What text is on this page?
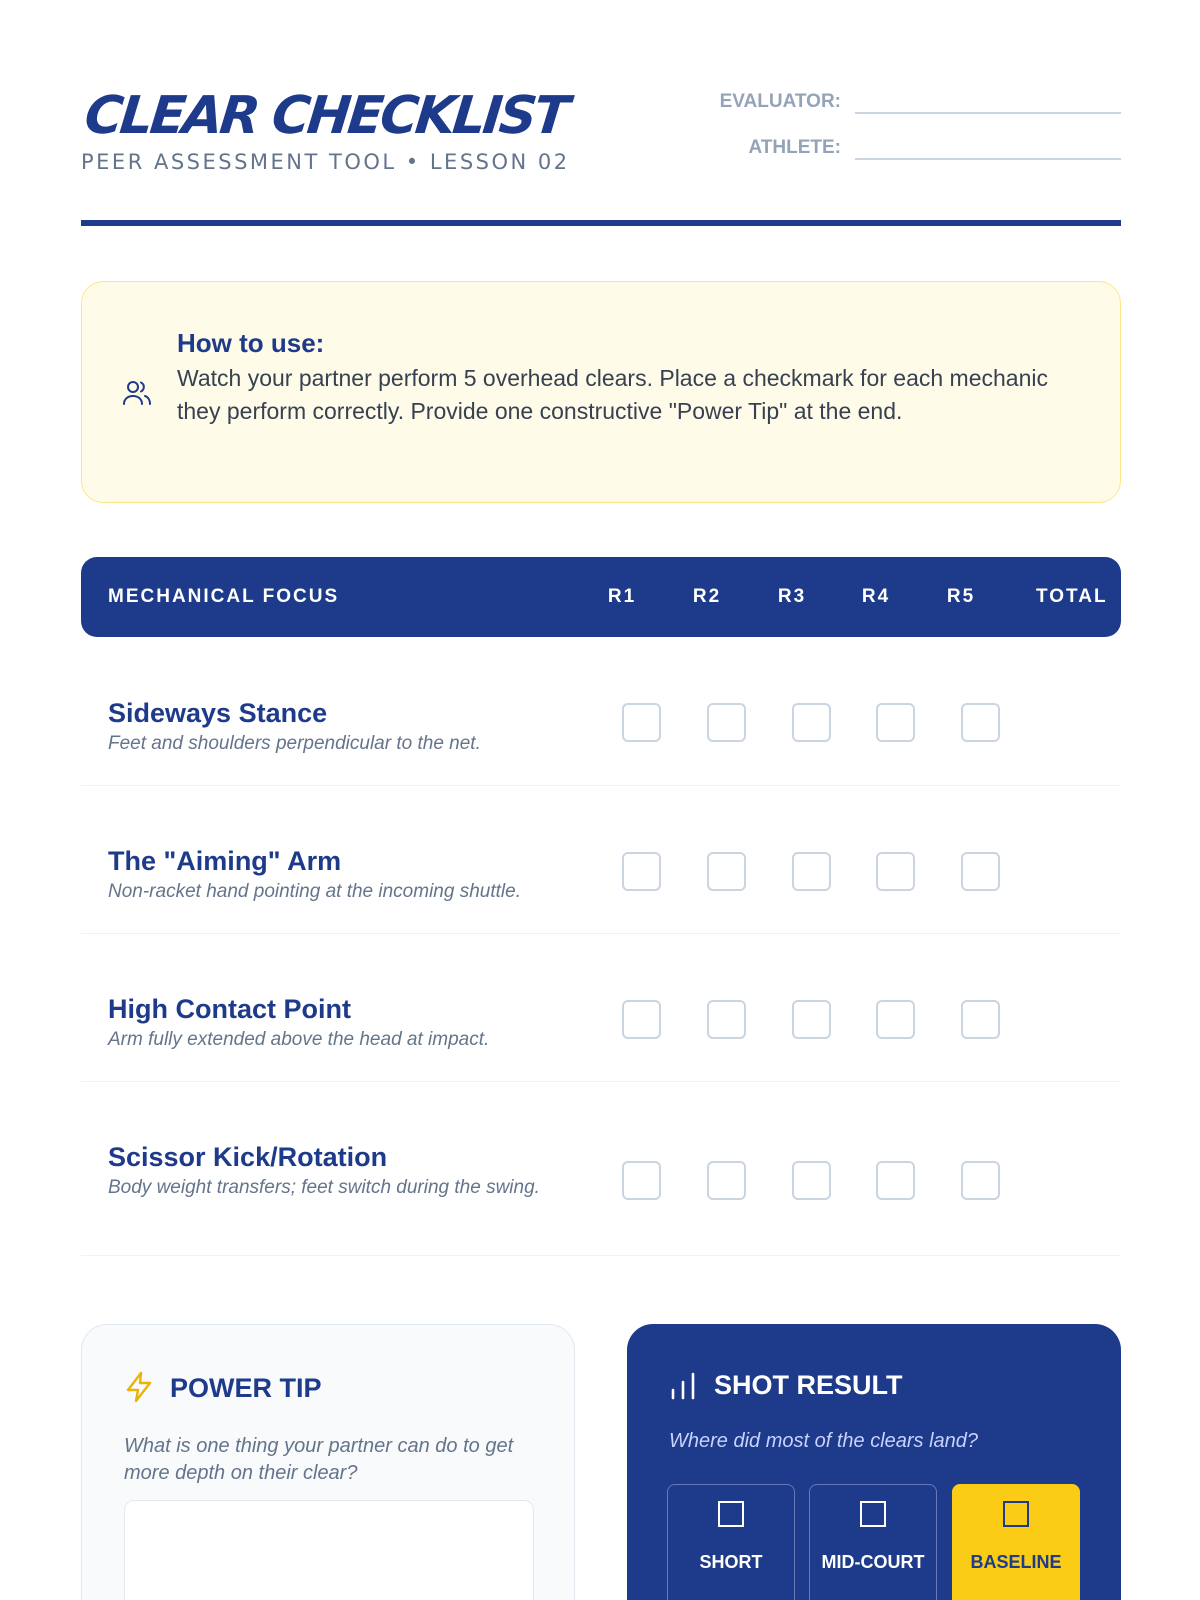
CLEAR CHECKLIST
PEER ASSESSMENT TOOL • LESSON 02
EVALUATOR:
ATHLETE:
How to use:
Watch your partner perform 5 overhead clears. Place a checkmark for each mechanic they perform correctly. Provide one constructive "Power Tip" at the end.
MECHANICAL FOCUS	R1	R2	R3	R4	R5	TOTAL
Sideways Stance
Feet and shoulders perpendicular to the net.
The "Aiming" Arm
Non-racket hand pointing at the incoming shuttle.
High Contact Point
Arm fully extended above the head at impact.
Scissor Kick/Rotation
Body weight transfers; feet switch during the swing.
POWER TIP
What is one thing your partner can do to get more depth on their clear?
SHOT RESULT
Where did most of the clears land?
SHORT	MID-COURT	BASELINE
